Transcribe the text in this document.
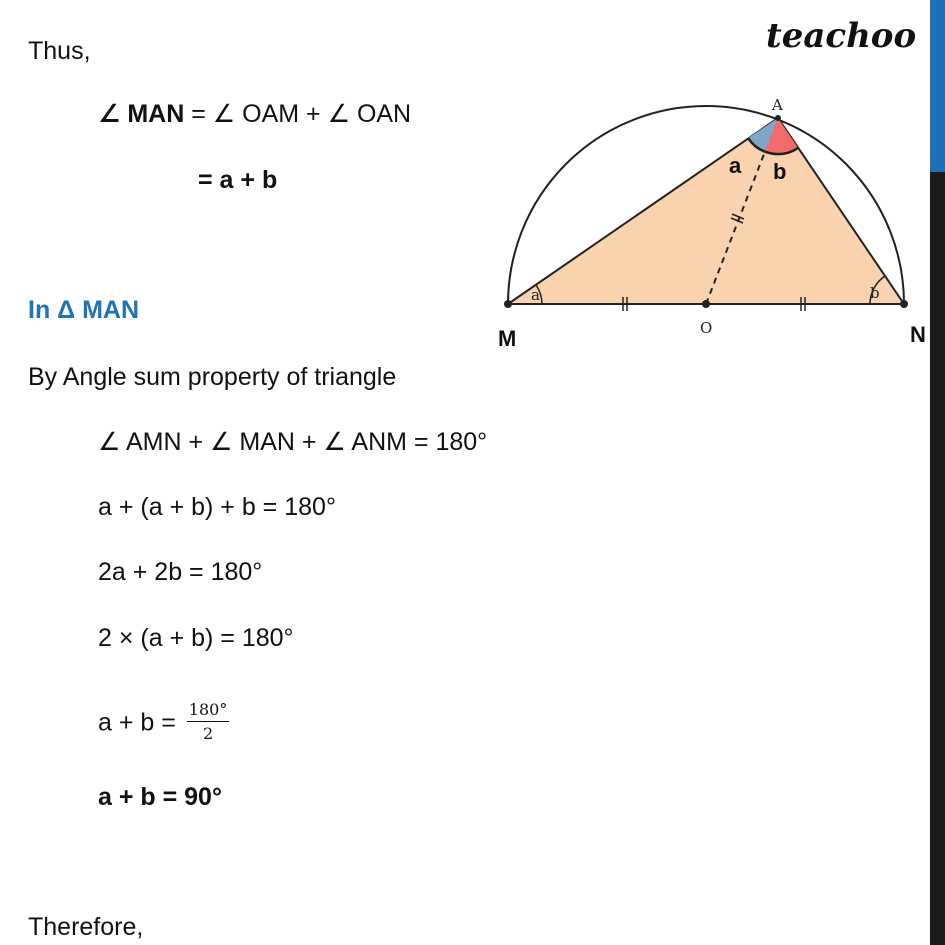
teachoo
Thus,
∠ MAN = ∠ OAM + ∠ OAN
= a + b
In Δ MAN
By Angle sum property of triangle
∠ AMN + ∠ MAN + ∠ ANM = 180°
a + (a + b) + b = 180°
2a + 2b = 180°
2 × (a + b) = 180°
$a + b = \frac{180^\circ}{2}$
a + b = 90°
Therefore,
A
M	O	N
a b
a	b
